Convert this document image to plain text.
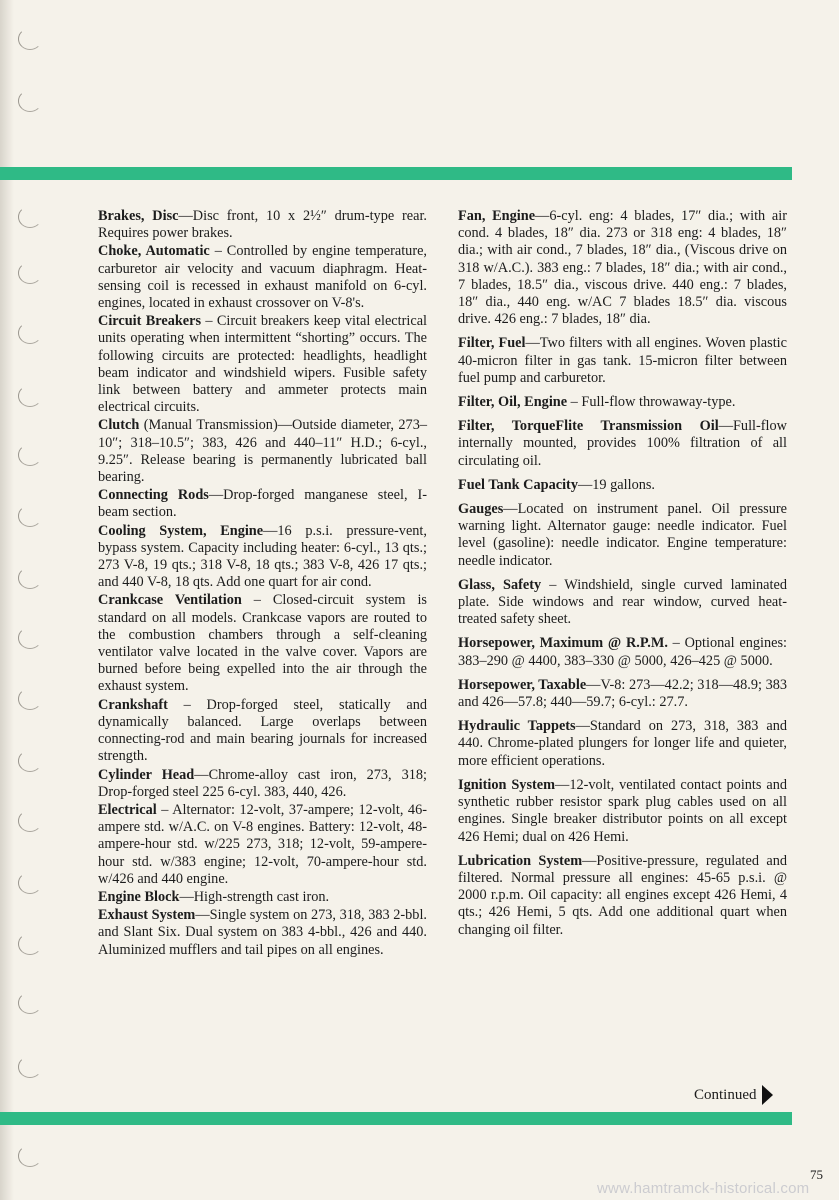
Brakes, Disc—Disc front, 10 x 2½″ drum-type rear. Requires power brakes.
Choke, Automatic – Controlled by engine temperature, carburetor air velocity and vacuum diaphragm. Heat-sensing coil is recessed in exhaust manifold on 6-cyl. engines, located in exhaust crossover on V-8's.
Circuit Breakers – Circuit breakers keep vital electrical units operating when intermittent “shorting” occurs. The following circuits are protected: headlights, headlight beam indicator and windshield wipers. Fusible safety link between battery and ammeter protects main electrical circuits.
Clutch (Manual Transmission)—Outside diameter, 273–10″; 318–10.5″; 383, 426 and 440–11″ H.D.; 6-cyl., 9.25″. Release bearing is permanently lubricated ball bearing.
Connecting Rods—Drop-forged manganese steel, I-beam section.
Cooling System, Engine—16 p.s.i. pressure-vent, bypass system. Capacity including heater: 6-cyl., 13 qts.; 273 V-8, 19 qts.; 318 V-8, 18 qts.; 383 V-8, 426 17 qts.; and 440 V-8, 18 qts. Add one quart for air cond.
Crankcase Ventilation – Closed-circuit system is standard on all models. Crankcase vapors are routed to the combustion chambers through a self-cleaning ventilator valve located in the valve cover. Vapors are burned before being expelled into the air through the exhaust system.
Crankshaft – Drop-forged steel, statically and dynamically balanced. Large overlaps between connecting-rod and main bearing journals for increased strength.
Cylinder Head—Chrome-alloy cast iron, 273, 318; Drop-forged steel 225 6-cyl. 383, 440, 426.
Electrical – Alternator: 12-volt, 37-ampere; 12-volt, 46-ampere std. w/A.C. on V-8 engines. Battery: 12-volt, 48-ampere-hour std. w/225 273, 318; 12-volt, 59-ampere-hour std. w/383 engine; 12-volt, 70-ampere-hour std. w/426 and 440 engine.
Engine Block—High-strength cast iron.
Exhaust System—Single system on 273, 318, 383 2-bbl. and Slant Six. Dual system on 383 4-bbl., 426 and 440. Aluminized mufflers and tail pipes on all engines.
Fan, Engine—6-cyl. eng: 4 blades, 17″ dia.; with air cond. 4 blades, 18″ dia. 273 or 318 eng: 4 blades, 18″ dia.; with air cond., 7 blades, 18″ dia., (Viscous drive on 318 w/A.C.). 383 eng.: 7 blades, 18″ dia.; with air cond., 7 blades, 18.5″ dia., viscous drive. 440 eng.: 7 blades, 18″ dia., 440 eng. w/AC 7 blades 18.5″ dia. viscous drive. 426 eng.: 7 blades, 18″ dia.
Filter, Fuel—Two filters with all engines. Woven plastic 40-micron filter in gas tank. 15-micron filter between fuel pump and carburetor.
Filter, Oil, Engine – Full-flow throwaway-type.
Filter, TorqueFlite Transmission Oil—Full-flow internally mounted, provides 100% filtration of all circulating oil.
Fuel Tank Capacity—19 gallons.
Gauges—Located on instrument panel. Oil pressure warning light. Alternator gauge: needle indicator. Fuel level (gasoline): needle indicator. Engine temperature: needle indicator.
Glass, Safety – Windshield, single curved laminated plate. Side windows and rear window, curved heat-treated safety sheet.
Horsepower, Maximum @ R.P.M. – Optional engines: 383–290 @ 4400, 383–330 @ 5000, 426–425 @ 5000.
Horsepower, Taxable—V-8: 273—42.2; 318—48.9; 383 and 426—57.8; 440—59.7; 6-cyl.: 27.7.
Hydraulic Tappets—Standard on 273, 318, 383 and 440. Chrome-plated plungers for longer life and quieter, more efficient operations.
Ignition System—12-volt, ventilated contact points and synthetic rubber resistor spark plug cables used on all engines. Single breaker distributor points on all except 426 Hemi; dual on 426 Hemi.
Lubrication System—Positive-pressure, regulated and filtered. Normal pressure all engines: 45-65 p.s.i. @ 2000 r.p.m. Oil capacity: all engines except 426 Hemi, 4 qts.; 426 Hemi, 5 qts. Add one additional quart when changing oil filter.
Continued
75
www.hamtramck-historical.com
